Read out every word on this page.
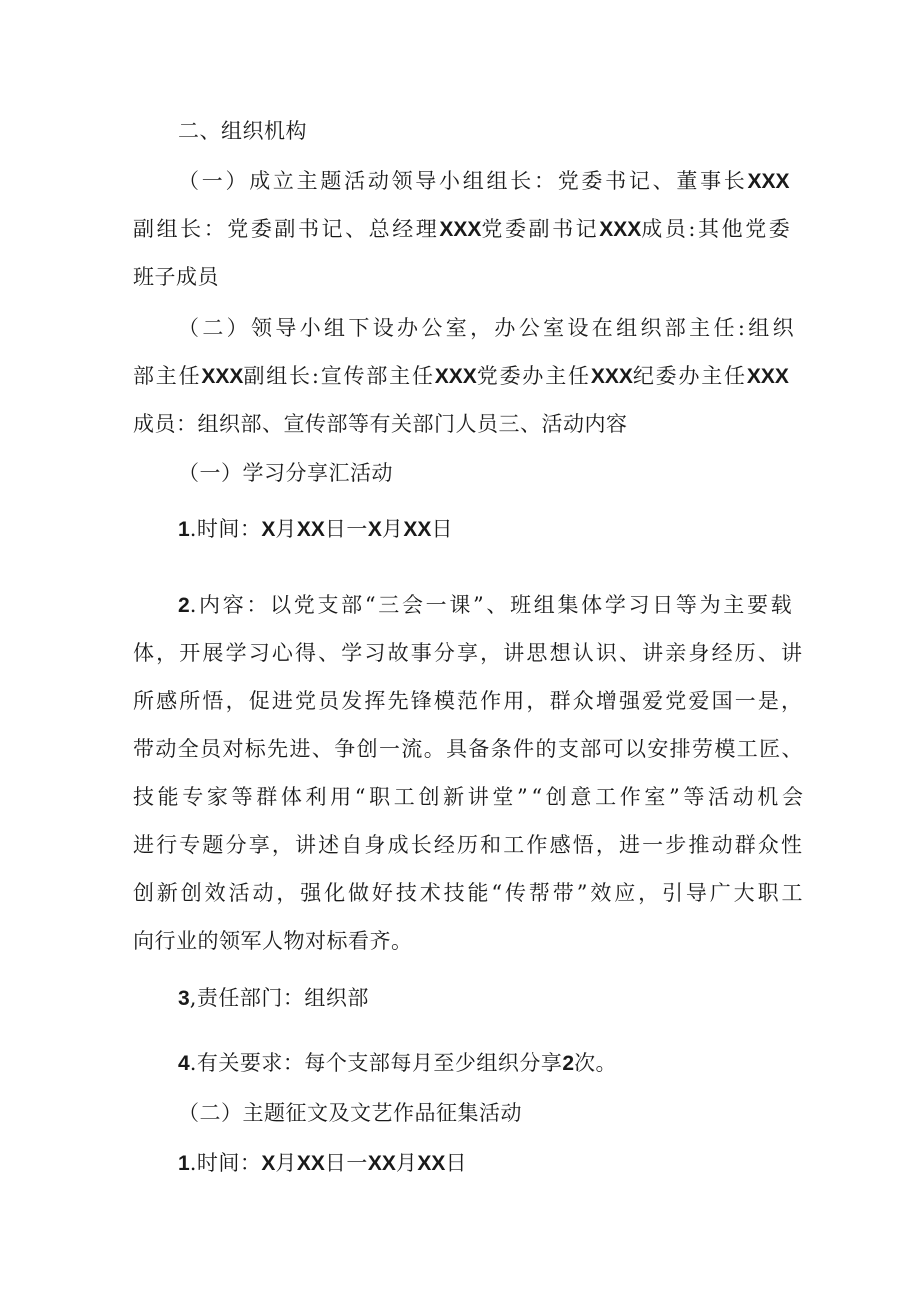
二、组织机构
（一）成立主题活动领导小组组长：党委书记、董事长XXX
副组长：党委副书记、总经理XXX党委副书记XXX成员:其他党委
班子成员
（二）领导小组下设办公室，办公室设在组织部主任:组织
部主任XXX副组长:宣传部主任XXX党委办主任XXX纪委办主任XXX
成员：组织部、宣传部等有关部门人员三、活动内容
（一）学习分享汇活动
1.时间：X月XX日一X月XX日
2.内容：以党支部“三会一课”、班组集体学习日等为主要载
体，开展学习心得、学习故事分享，讲思想认识、讲亲身经历、讲
所感所悟，促进党员发挥先锋模范作用，群众增强爱党爱国一是，
带动全员对标先进、争创一流。具备条件的支部可以安排劳模工匠、
技能专家等群体利用“职工创新讲堂”“创意工作室”等活动机会
进行专题分享，讲述自身成长经历和工作感悟，进一步推动群众性
创新创效活动，强化做好技术技能“传帮带”效应，引导广大职工
向行业的领军人物对标看齐。
3,责任部门：组织部
4.有关要求：每个支部每月至少组织分享2次。
（二）主题征文及文艺作品征集活动
1.时间：X月XX日一XX月XX日
